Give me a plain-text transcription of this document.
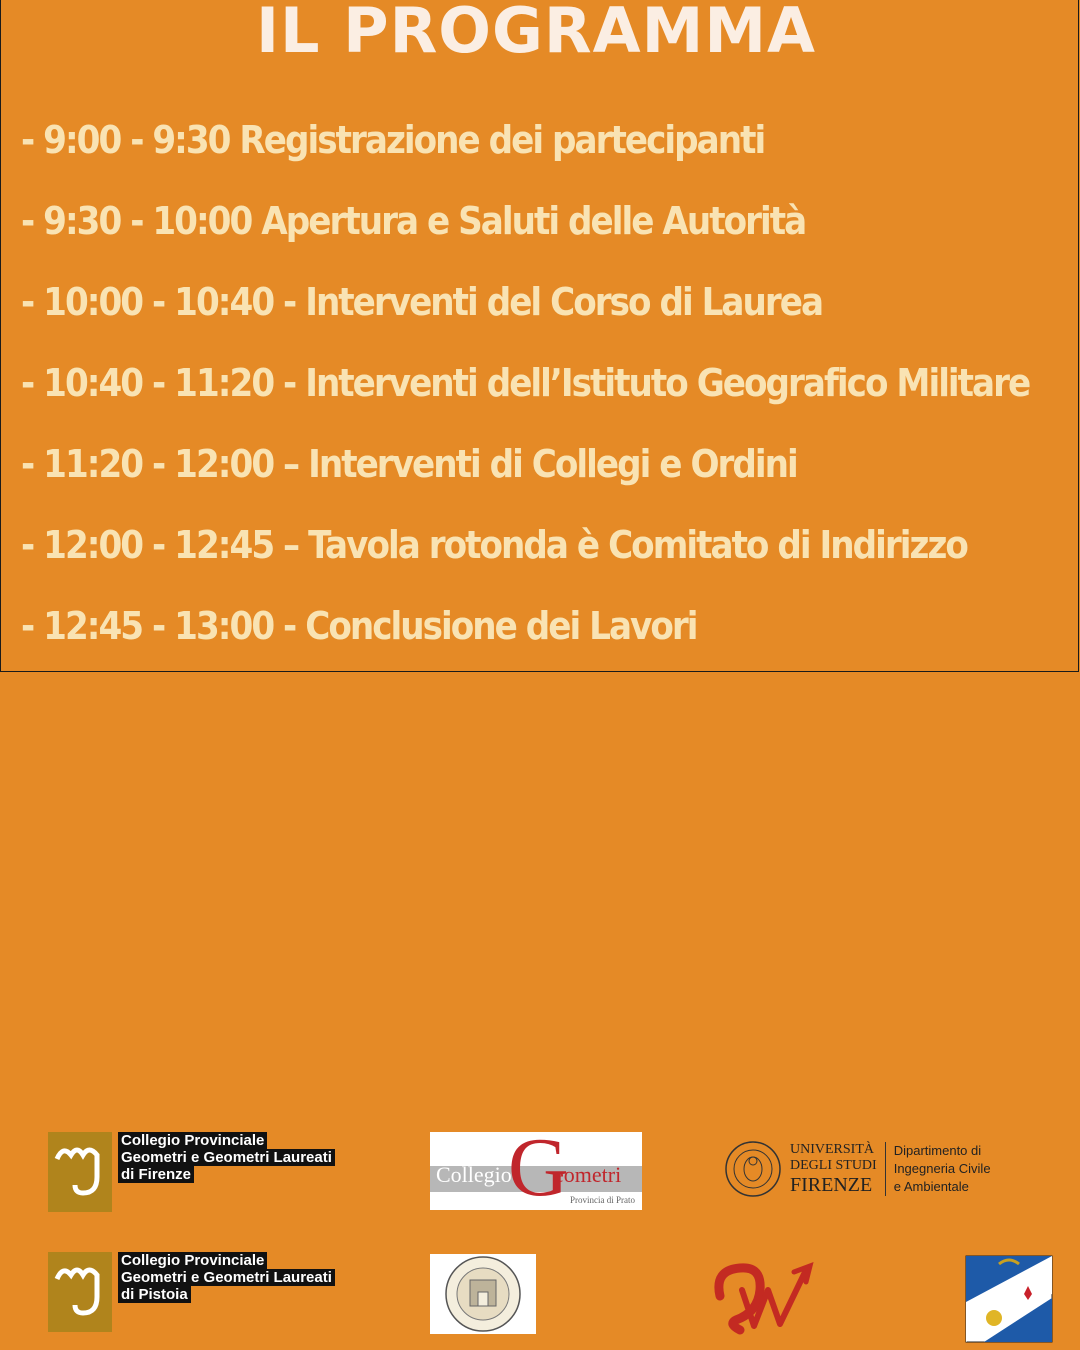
IL PROGRAMMA
- 9:00 - 9:30 Registrazione dei partecipanti
- 9:30 - 10:00 Apertura e Saluti delle Autorità
- 10:00 - 10:40 - Interventi del Corso di Laurea
- 10:40 - 11:20 - Interventi dell’Istituto Geografico Militare
- 11:20 - 12:00 – Interventi di Collegi e Ordini
- 12:00 - 12:45 – Tavola rotonda è Comitato di Indirizzo
- 12:45 - 13:00 - Conclusione dei Lavori
Collegio Provinciale
Geometri e Geometri Laureati
di Firenze
Collegio Provinciale
Geometri e Geometri Laureati
di Pistoia
Collegio
G
eometri
Provincia di Prato
UNIVERSITÀ
DEGLI STUDI
FIRENZE
Dipartimento di
Ingegneria Civile
e Ambientale
